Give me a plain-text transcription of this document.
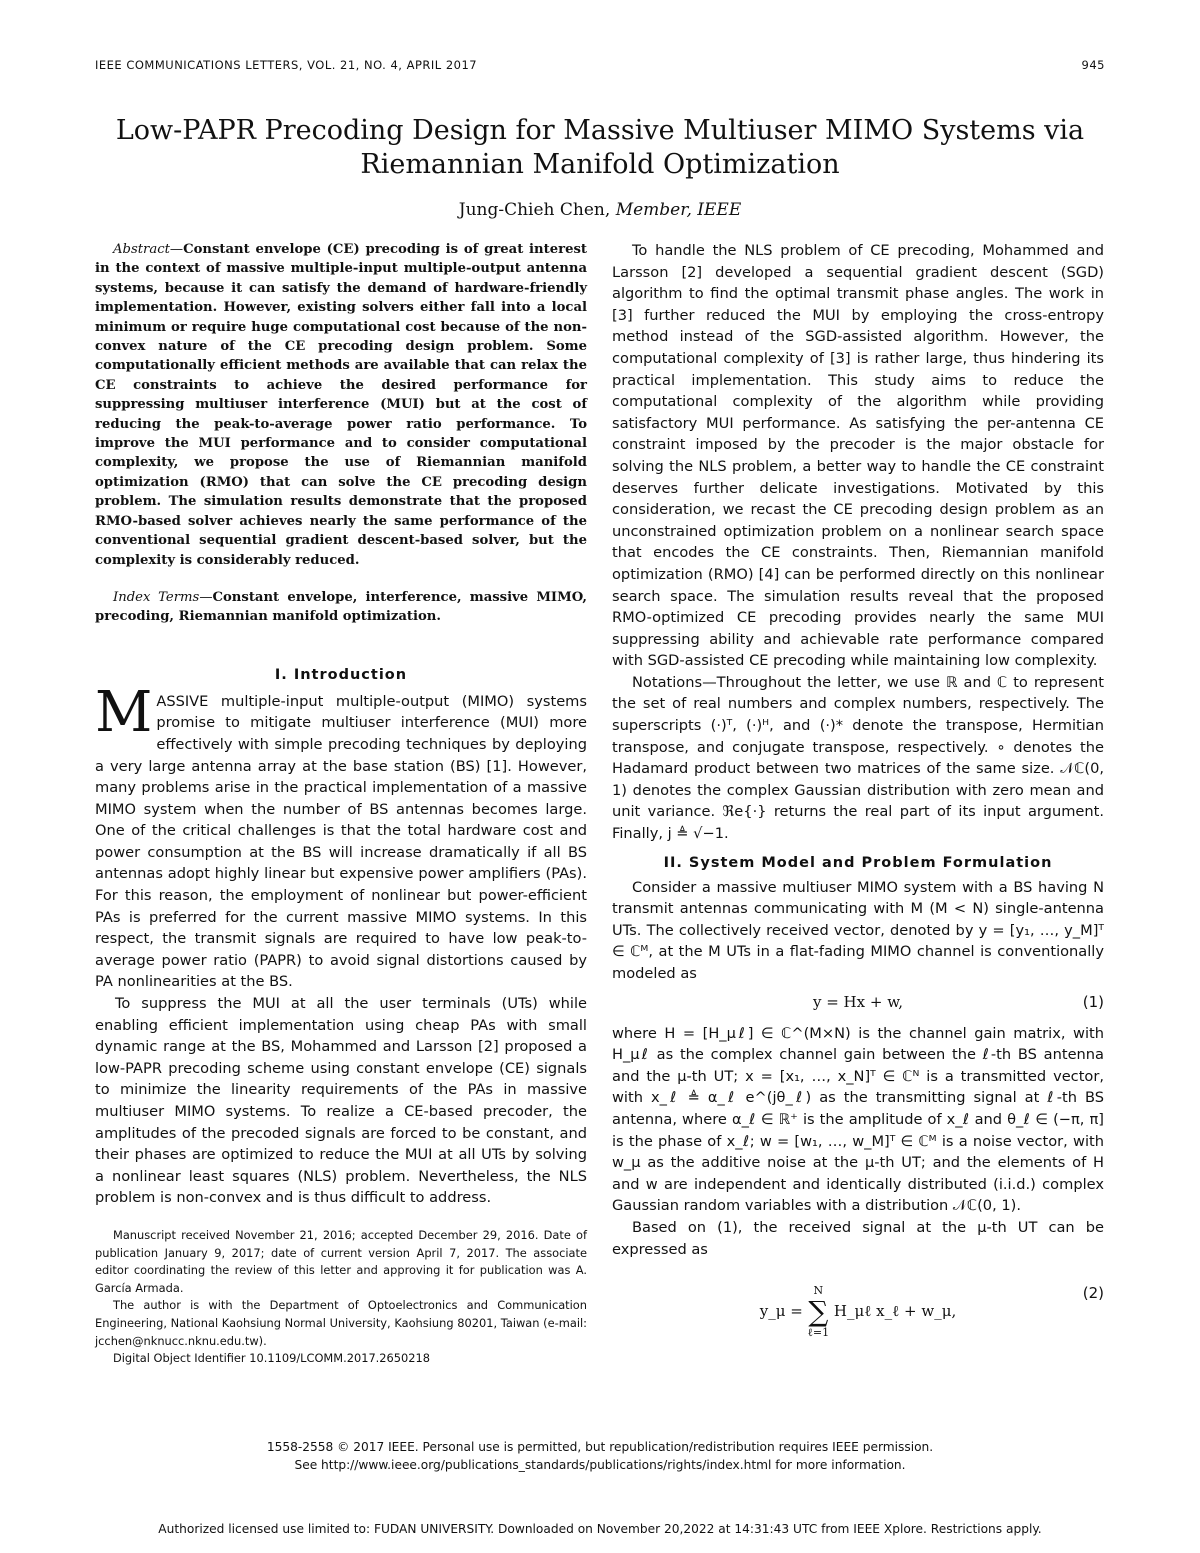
IEEE COMMUNICATIONS LETTERS, VOL. 21, NO. 4, APRIL 2017	945
Low-PAPR Precoding Design for Massive Multiuser MIMO Systems via
Riemannian Manifold Optimization
Jung-Chieh Chen, Member, IEEE

Abstract—Constant envelope (CE) precoding is of great interest in the context of massive multiple-input multiple-output antenna systems, because it can satisfy the demand of hardware-friendly implementation. However, existing solvers either fall into a local minimum or require huge computational cost because of the non-convex nature of the CE precoding design problem. Some computationally efficient methods are available that can relax the CE constraints to achieve the desired performance for suppressing multiuser interference (MUI) but at the cost of reducing the peak-to-average power ratio performance. To improve the MUI performance and to consider computational complexity, we propose the use of Riemannian manifold optimization (RMO) that can solve the CE precoding design problem. The simulation results demonstrate that the proposed RMO-based solver achieves nearly the same performance of the conventional sequential gradient descent-based solver, but the complexity is considerably reduced.

Index Terms—Constant envelope, interference, massive MIMO, precoding, Riemannian manifold optimization.

I. Introduction

MASSIVE multiple-input multiple-output (MIMO) systems promise to mitigate multiuser interference (MUI) more effectively with simple precoding techniques by deploying a very large antenna array at the base station (BS) [1]. However, many problems arise in the practical implementation of a massive MIMO system when the number of BS antennas becomes large. One of the critical challenges is that the total hardware cost and power consumption at the BS will increase dramatically if all BS antennas adopt highly linear but expensive power amplifiers (PAs). For this reason, the employment of nonlinear but power-efficient PAs is preferred for the current massive MIMO systems. In this respect, the transmit signals are required to have low peak-to-average power ratio (PAPR) to avoid signal distortions caused by PA nonlinearities at the BS.

To suppress the MUI at all the user terminals (UTs) while enabling efficient implementation using cheap PAs with small dynamic range at the BS, Mohammed and Larsson [2] proposed a low-PAPR precoding scheme using constant envelope (CE) signals to minimize the linearity requirements of the PAs in massive multiuser MIMO systems. To realize a CE-based precoder, the amplitudes of the precoded signals are forced to be constant, and their phases are optimized to reduce the MUI at all UTs by solving a nonlinear least squares (NLS) problem. Nevertheless, the NLS problem is non-convex and is thus difficult to address.

Manuscript received November 21, 2016; accepted December 29, 2016. Date of publication January 9, 2017; date of current version April 7, 2017. The associate editor coordinating the review of this letter and approving it for publication was A. García Armada.

The author is with the Department of Optoelectronics and Communication Engineering, National Kaohsiung Normal University, Kaohsiung 80201, Taiwan (e-mail: jcchen@nknucc.nknu.edu.tw).

Digital Object Identifier 10.1109/LCOMM.2017.2650218

To handle the NLS problem of CE precoding, Mohammed and Larsson [2] developed a sequential gradient descent (SGD) algorithm to find the optimal transmit phase angles. The work in [3] further reduced the MUI by employing the cross-entropy method instead of the SGD-assisted algorithm. However, the computational complexity of [3] is rather large, thus hindering its practical implementation. This study aims to reduce the computational complexity of the algorithm while providing satisfactory MUI performance. As satisfying the per-antenna CE constraint imposed by the precoder is the major obstacle for solving the NLS problem, a better way to handle the CE constraint deserves further delicate investigations. Motivated by this consideration, we recast the CE precoding design problem as an unconstrained optimization problem on a nonlinear search space that encodes the CE constraints. Then, Riemannian manifold optimization (RMO) [4] can be performed directly on this nonlinear search space. The simulation results reveal that the proposed RMO-optimized CE precoding provides nearly the same MUI suppressing ability and achievable rate performance compared with SGD-assisted CE precoding while maintaining low complexity.

Notations—Throughout the letter, we use ℝ and ℂ to represent the set of real numbers and complex numbers, respectively. The superscripts (·)ᵀ, (·)ᴴ, and (·)* denote the transpose, Hermitian transpose, and conjugate transpose, respectively. ∘ denotes the Hadamard product between two matrices of the same size. 𝒩ℂ(0, 1) denotes the complex Gaussian distribution with zero mean and unit variance. ℜe{·} returns the real part of its input argument. Finally, j ≜ √−1.

II. System Model and Problem Formulation

Consider a massive multiuser MIMO system with a BS having N transmit antennas communicating with M (M < N) single-antenna UTs. The collectively received vector, denoted by y = [y₁, …, y_M]ᵀ ∈ ℂᴹ, at the M UTs in a flat-fading MIMO channel is conventionally modeled as

y = Hx + w,	(1)

where H = [H_μℓ] ∈ ℂ^(M×N) is the channel gain matrix, with H_μℓ as the complex channel gain between the ℓ-th BS antenna and the μ-th UT; x = [x₁, …, x_N]ᵀ ∈ ℂᴺ is a transmitted vector, with x_ℓ ≜ α_ℓ e^(jθ_ℓ) as the transmitting signal at ℓ-th BS antenna, where α_ℓ ∈ ℝ⁺ is the amplitude of x_ℓ and θ_ℓ ∈ (−π, π] is the phase of x_ℓ; w = [w₁, …, w_M]ᵀ ∈ ℂᴹ is a noise vector, with w_μ as the additive noise at the μ-th UT; and the elements of H and w are independent and identically distributed (i.i.d.) complex Gaussian random variables with a distribution 𝒩ℂ(0, 1).

Based on (1), the received signal at the μ-th UT can be expressed as

y_μ = N
∑
ℓ=1 H_μℓ x_ℓ + w_μ,
(2)
1558-2558 © 2017 IEEE. Personal use is permitted, but republication/redistribution requires IEEE permission.
See http://www.ieee.org/publications_standards/publications/rights/index.html for more information.
Authorized licensed use limited to: FUDAN UNIVERSITY. Downloaded on November 20,2022 at 14:31:43 UTC from IEEE Xplore. Restrictions apply.
